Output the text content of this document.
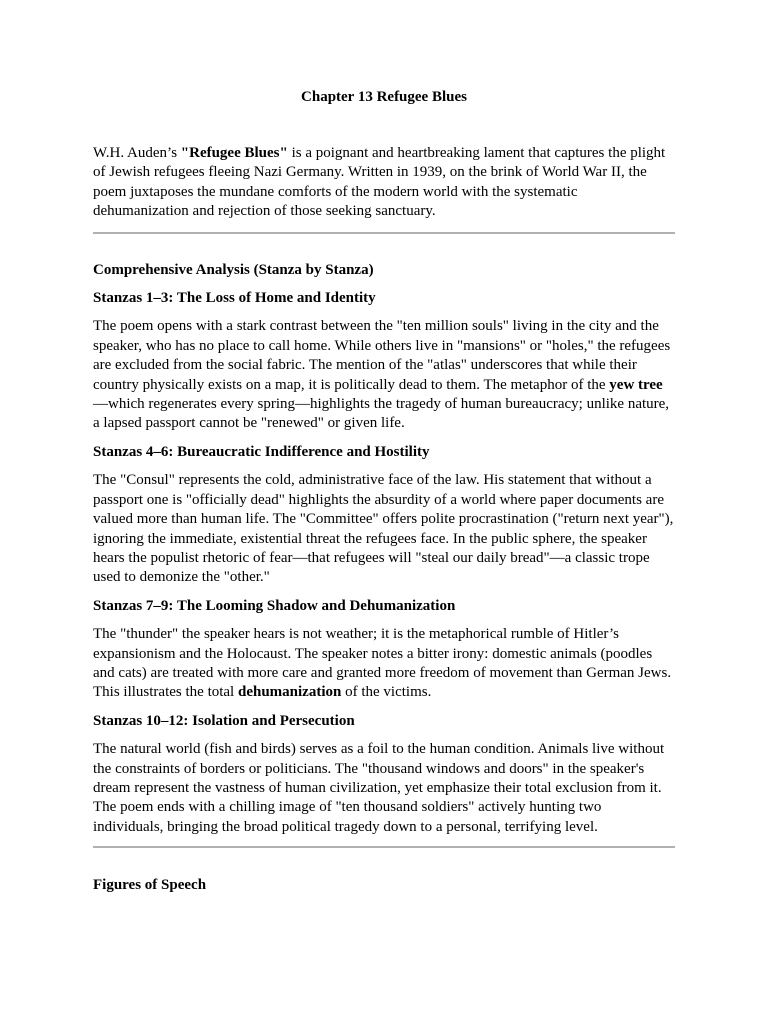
Chapter 13 Refugee Blues

W.H. Auden’s "Refugee Blues" is a poignant and heartbreaking lament that captures the plight of Jewish refugees fleeing Nazi Germany. Written in 1939, on the brink of World War II, the poem juxtaposes the mundane comforts of the modern world with the systematic dehumanization and rejection of those seeking sanctuary.

Comprehensive Analysis (Stanza by Stanza)

Stanzas 1–3: The Loss of Home and Identity

The poem opens with a stark contrast between the "ten million souls" living in the city and the speaker, who has no place to call home. While others live in "mansions" or "holes," the refugees are excluded from the social fabric. The mention of the "atlas" underscores that while their country physically exists on a map, it is politically dead to them. The metaphor of the yew tree—which regenerates every spring—highlights the tragedy of human bureaucracy; unlike nature, a lapsed passport cannot be "renewed" or given life.

Stanzas 4–6: Bureaucratic Indifference and Hostility

The "Consul" represents the cold, administrative face of the law. His statement that without a passport one is "officially dead" highlights the absurdity of a world where paper documents are valued more than human life. The "Committee" offers polite procrastination ("return next year"), ignoring the immediate, existential threat the refugees face. In the public sphere, the speaker hears the populist rhetoric of fear—that refugees will "steal our daily bread"—a classic trope used to demonize the "other."

Stanzas 7–9: The Looming Shadow and Dehumanization

The "thunder" the speaker hears is not weather; it is the metaphorical rumble of Hitler’s expansionism and the Holocaust. The speaker notes a bitter irony: domestic animals (poodles and cats) are treated with more care and granted more freedom of movement than German Jews. This illustrates the total dehumanization of the victims.

Stanzas 10–12: Isolation and Persecution

The natural world (fish and birds) serves as a foil to the human condition. Animals live without the constraints of borders or politicians. The "thousand windows and doors" in the speaker's dream represent the vastness of human civilization, yet emphasize their total exclusion from it. The poem ends with a chilling image of "ten thousand soldiers" actively hunting two individuals, bringing the broad political tragedy down to a personal, terrifying level.

Figures of Speech
